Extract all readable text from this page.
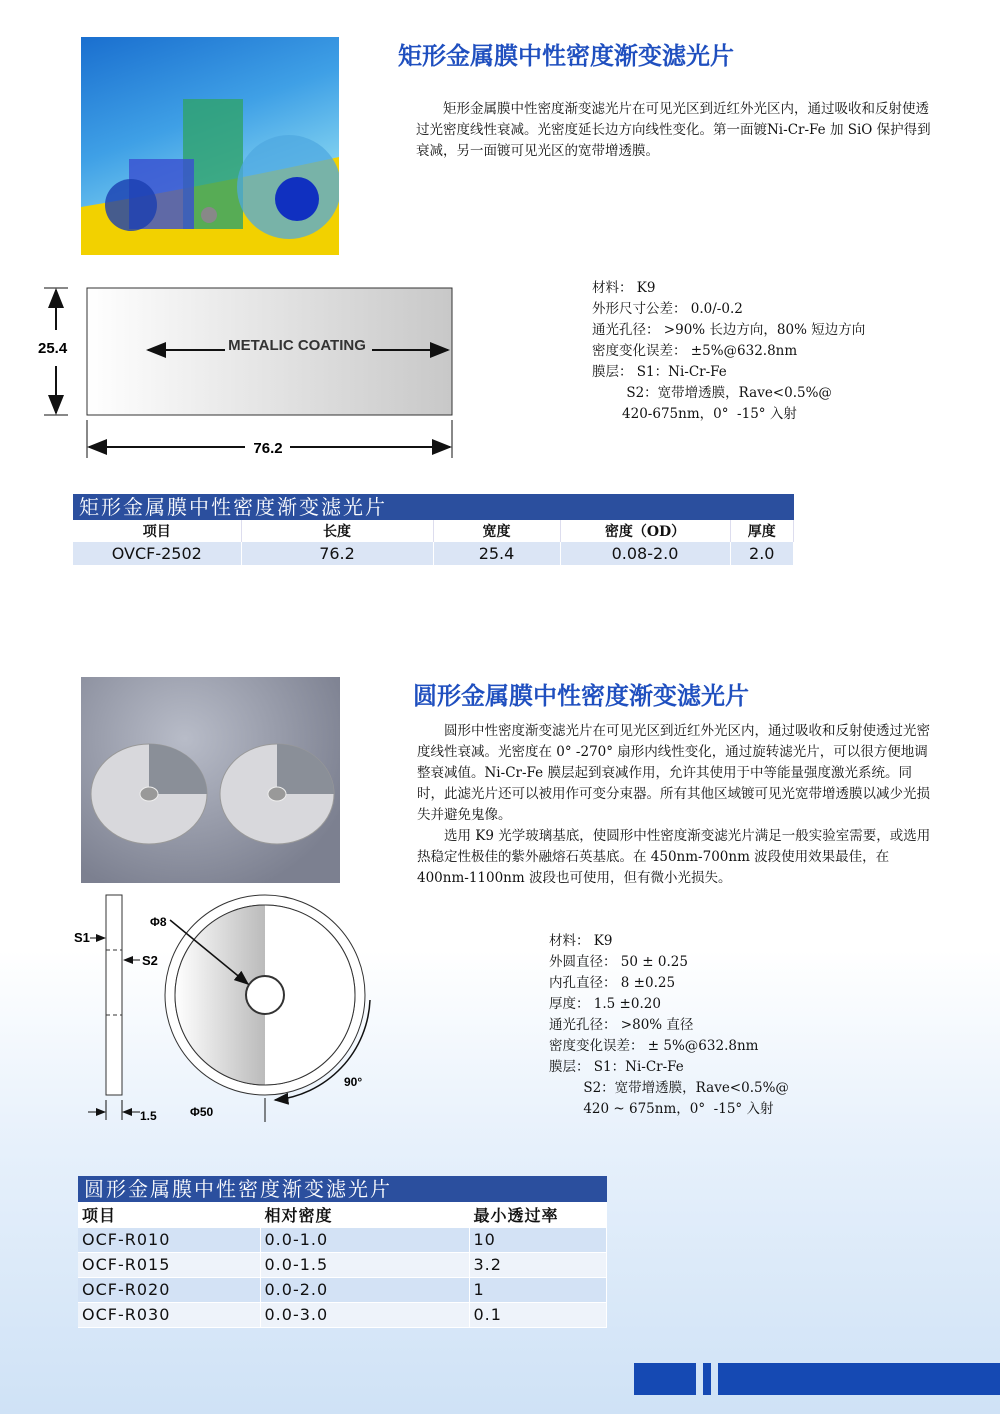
矩形金属膜中性密度渐变滤光片
矩形金属膜中性密度渐变滤光片在可见光区到近红外光区内，通过吸收和反射使透过光密度线性衰减。光密度延长边方向线性变化。第一面镀Ni-Cr-Fe 加 SiO 保护得到衰减，另一面镀可见光区的宽带增透膜。
METALIC COATING
25.4
76.2
材料： K9
外形尺寸公差： 0.0/-0.2
通光孔径： >90% 长边方向，80% 短边方向
密度变化误差： ±5%@632.8nm
膜层： S1：Ni-Cr-Fe
S2：宽带增透膜，Rave<0.5%@
420-675nm，0°  -15° 入射
矩形金属膜中性密度渐变滤光片
项目	长度	宽度	密度（OD）	厚度
OVCF-2502	76.2	25.4	0.08-2.0	2.0
圆形金属膜中性密度渐变滤光片

圆形中性密度渐变滤光片在可见光区到近红外光区内，通过吸收和反射使透过光密度线性衰减。光密度在 0° -270° 扇形内线性变化，通过旋转滤光片，可以很方便地调整衰减值。Ni-Cr-Fe 膜层起到衰减作用，允许其使用于中等能量强度激光系统。同时，此滤光片还可以被用作可变分束器。所有其他区域镀可见光宽带增透膜以减少光损失并避免鬼像。

选用 K9 光学玻璃基底，使圆形中性密度渐变滤光片满足一般实验室需要，或选用热稳定性极佳的紫外融熔石英基底。在 450nm-700nm 波段使用效果最佳，在 400nm-1100nm 波段也可使用，但有微小光损失。

S1
S2
Φ8
90°
1.5	Φ50
材料： K9
外圆直径： 50 ± 0.25
内孔直径： 8 ±0.25
厚度： 1.5 ±0.20
通光孔径： >80% 直径
密度变化误差： ± 5%@632.8nm
膜层： S1：Ni-Cr-Fe
S2：宽带增透膜，Rave<0.5%@
420 ~ 675nm，0°  -15° 入射
圆形金属膜中性密度渐变滤光片
项目	相对密度	最小透过率
OCF-R010	0.0-1.0	10
OCF-R015	0.0-1.5	3.2
OCF-R020	0.0-2.0	1
OCF-R030	0.0-3.0	0.1
